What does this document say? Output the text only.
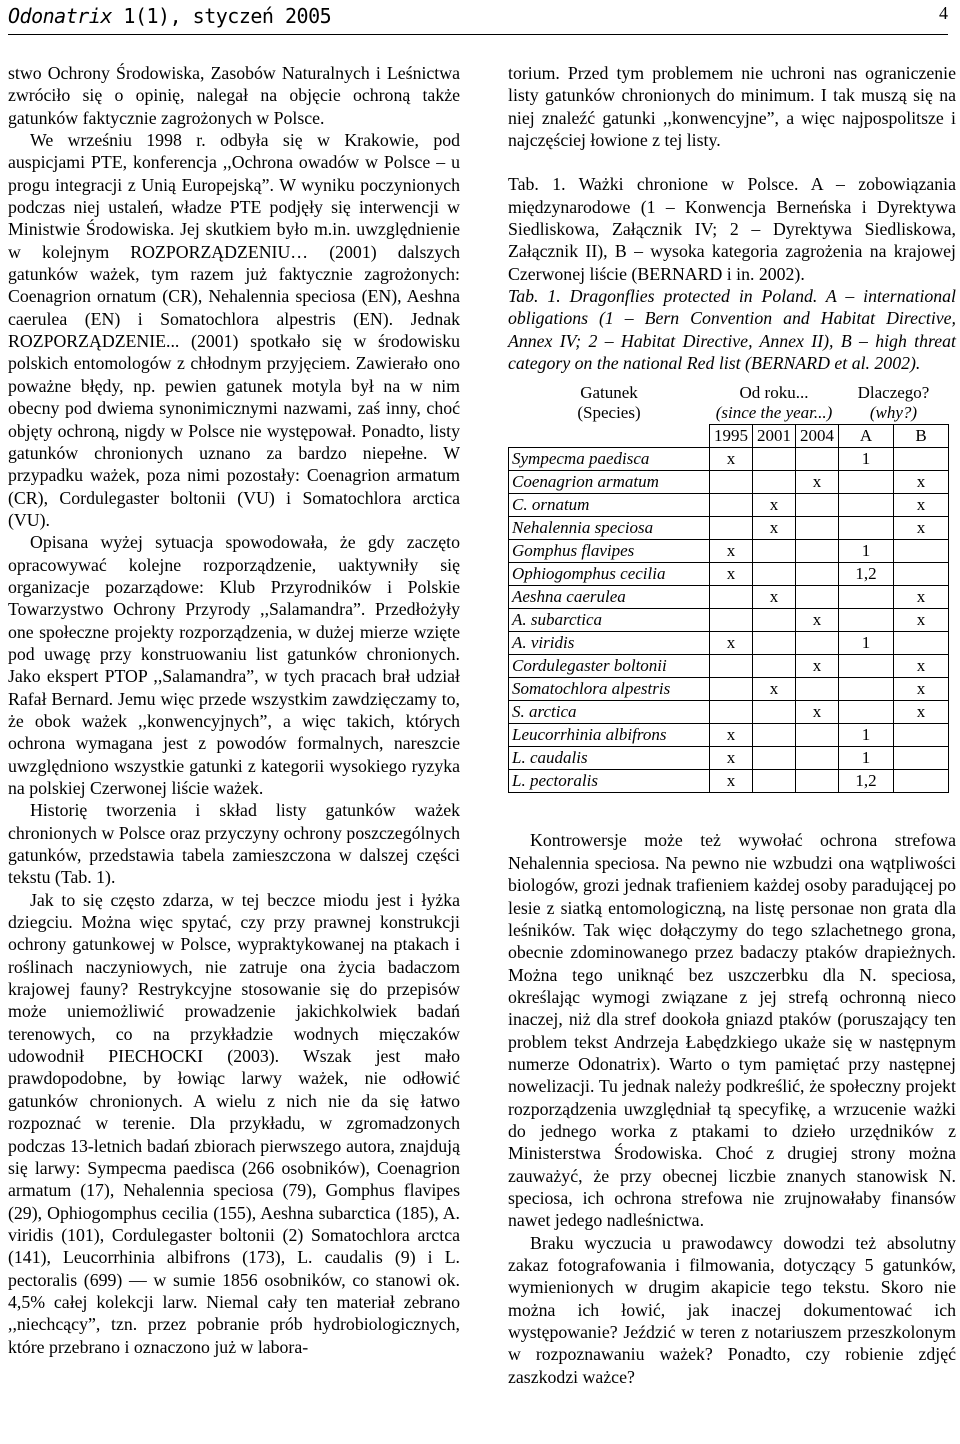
Odonatrix 1(1), styczeń 2005	4

stwo Ochrony Środowiska, Zasobów Naturalnych i Leśnictwa zwróciło się o opinię, nalegał na objęcie ochroną także gatunków faktycznie zagrożonych w Polsce.

We wrześniu 1998 r. odbyła się w Krakowie, pod auspicjami PTE, konferencja ,,Ochrona owadów w Polsce – u progu integracji z Unią Europejską”. W wyniku poczynionych podczas niej ustaleń, władze PTE podjęły się interwencji w Ministwie Środowiska. Jej skutkiem było m.in. uwzględnienie w kolejnym ROZPORZĄDZENIU… (2001) dalszych gatunków ważek, tym razem już faktycznie zagrożonych: Coenagrion ornatum (CR), Nehalennia speciosa (EN), Aeshna caerulea (EN) i Somatochlora alpestris (EN). Jednak ROZPORZĄDZENIE... (2001) spotkało się w środowisku polskich entomologów z chłodnym przyjęciem. Zawierało ono poważne błędy, np. pewien gatunek motyla był na w nim obecny pod dwiema synonimicznymi nazwami, zaś inny, choć objęty ochroną, nigdy w Polsce nie występował. Ponadto, listy gatunków chronionych uznano za bardzo niepełne. W przypadku ważek, poza nimi pozostały: Coenagrion armatum (CR), Cordulegaster boltonii (VU) i Somatochlora arctica (VU).

Opisana wyżej sytuacja spowodowała, że gdy zaczęto opracowywać kolejne rozporządzenie, uaktywniły się organizacje pozarządowe: Klub Przyrodników i Polskie Towarzystwo Ochrony Przyrody ,,Salamandra”. Przedłożyły one społeczne projekty rozporządzenia, w dużej mierze wzięte pod uwagę przy konstruowaniu list gatunków chronionych. Jako ekspert PTOP ,,Salamandra”, w tych pracach brał udział Rafał Bernard. Jemu więc przede wszystkim zawdzięczamy to, że obok ważek ,,konwencyjnych”, a więc takich, których ochrona wymagana jest z powodów formalnych, nareszcie uwzględniono wszystkie gatunki z kategorii wysokiego ryzyka na polskiej Czerwonej liście ważek.

Historię tworzenia i skład listy gatunków ważek chronionych w Polsce oraz przyczyny ochrony poszczególnych gatunków, przedstawia tabela zamieszczona w dalszej części tekstu (Tab. 1).

Jak to się często zdarza, w tej beczce miodu jest i łyżka dziegciu. Można więc spytać, czy przy prawnej konstrukcji ochrony gatunkowej w Polsce, wypraktykowanej na ptakach i roślinach naczyniowych, nie zatruje ona życia badaczom krajowej fauny? Restrykcyjne stosowanie się do przepisów może uniemożliwić prowadzenie jakichkolwiek badań terenowych, co na przykładzie wodnych mięczaków udowodnił PIECHOCKI (2003). Wszak jest mało prawdopodobne, by łowiąc larwy ważek, nie odłowić gatunków chronionych. A wielu z nich nie da się łatwo rozpoznać w terenie. Dla przykładu, w zgromadzonych podczas 13-letnich badań zbiorach pierwszego autora, znajdują się larwy: Sympecma paedisca (266 osobników), Coenagrion armatum (17), Nehalennia speciosa (79), Gomphus flavipes (29), Ophiogomphus cecilia (155), Aeshna subarctica (185), A. viridis (101), Cordulegaster boltonii (2) Somatochlora arctca (141), Leucorrhinia albifrons (173), L. caudalis (9) i L. pectoralis (699) — w sumie 1856 osobników, co stanowi ok. 4,5% całej kolekcji larw. Niemal cały ten materiał zebrano ,,niechcący”, tzn. przez pobranie prób hydrobiologicznych, które przebrano i oznaczono już w labora-

torium. Przed tym problemem nie uchroni nas ograniczenie listy gatunków chronionych do minimum. I tak muszą się na niej znaleźć gatunki ,,konwencyjne”, a więc najpospolitsze i najczęściej łowione z tej listy.

Tab. 1. Ważki chronione w Polsce. A – zobowiązania międzynarodowe (1 – Konwencja Berneńska i Dyrektywa Siedliskowa, Załącznik IV; 2 – Dyrektywa Siedliskowa, Załącznik II), B – wysoka kategoria zagrożenia na krajowej Czerwonej liście (BERNARD i in. 2002).

Tab. 1. Dragonflies protected in Poland. A – international obligations (1 – Bern Convention and Habitat Directive, Annex IV; 2 – Habitat Directive, Annex II), B – high threat category on the national Red list (BERNARD et al. 2002).

Gatunek
(Species)	Od roku...
(since the year...)			Dlaczego?
(why?)	
	1995	2001	2004	A	B
Sympecma paedisca	x			1	
Coenagrion armatum			x		x
C. ornatum		x			x
Nehalennia speciosa		x			x
Gomphus flavipes	x			1	
Ophiogomphus cecilia	x			1,2	
Aeshna caerulea		x			x
A. subarctica			x		x
A. viridis	x			1	
Cordulegaster boltonii			x		x
Somatochlora alpestris		x			x
S. arctica			x		x
Leucorrhinia albifrons	x			1	
L. caudalis	x			1	
L. pectoralis	x			1,2	

Kontrowersje może też wywołać ochrona strefowa Nehalennia speciosa. Na pewno nie wzbudzi ona wątpliwości biologów, grozi jednak trafieniem każdej osoby paradującej po lesie z siatką entomologiczną, na listę personae non grata dla leśników. Tak więc dołączymy do tego szlachetnego grona, obecnie zdominowanego przez badaczy ptaków drapieżnych. Można tego uniknąć bez uszczerbku dla N. speciosa, określając wymogi związane z jej strefą ochronną nieco inaczej, niż dla stref dookoła gniazd ptaków (poruszający ten problem tekst Andrzeja Łabędzkiego ukaże się w następnym numerze Odonatrix). Warto o tym pamiętać przy następnej nowelizacji. Tu jednak należy podkreślić, że społeczny projekt rozporządzenia uwzględniał tą specyfikę, a wrzucenie ważki do jednego worka z ptakami to dzieło urzędników z Ministerstwa Środowiska. Choć z drugiej strony można zauważyć, że przy obecnej liczbie znanych stanowisk N. speciosa, ich ochrona strefowa nie zrujnowałaby finansów nawet jedego nadleśnictwa.

Braku wyczucia u prawodawcy dowodzi też absolutny zakaz fotografowania i filmowania, dotyczący 5 gatunków, wymienionych w drugim akapicie tego tekstu. Skoro nie można ich łowić, jak inaczej dokumentować ich występowanie? Jeździć w teren z notariuszem przeszkolonym w rozpoznawaniu ważek? Ponadto, czy robienie zdjęć zaszkodzi ważce?
